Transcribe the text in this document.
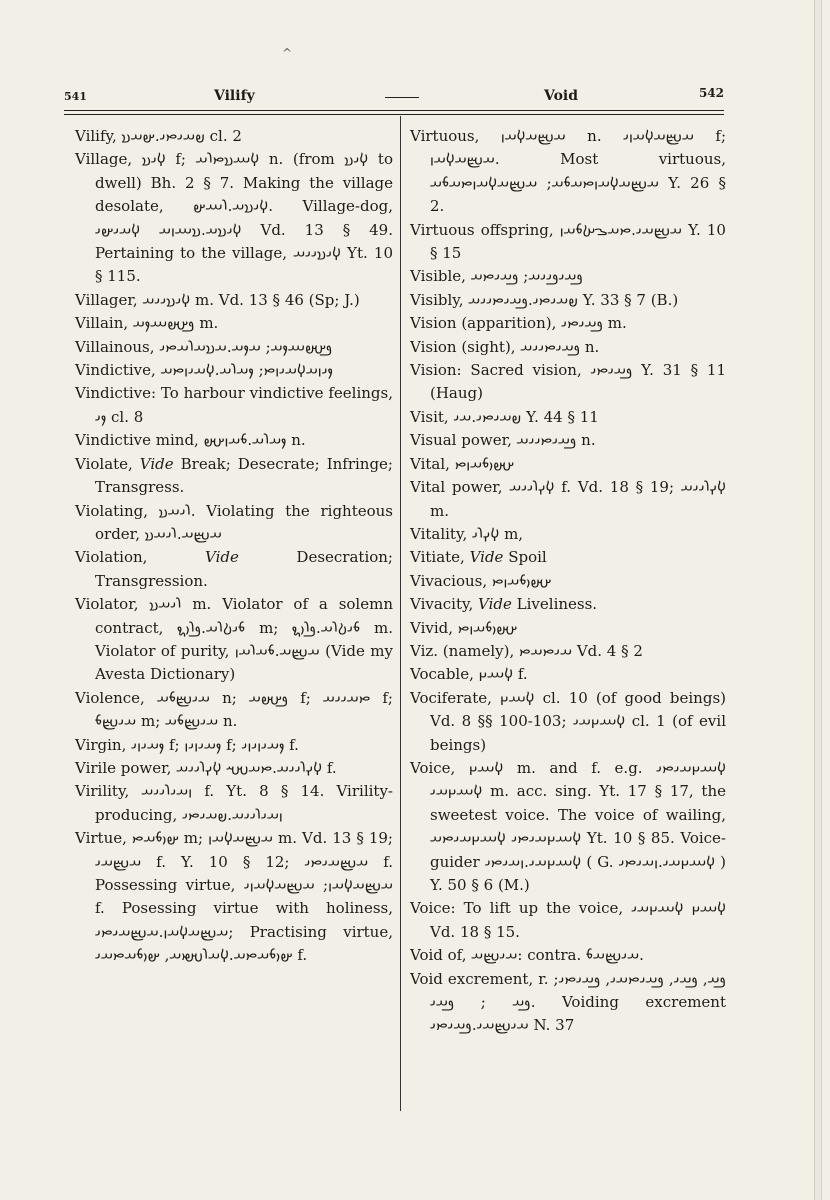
^
541	Vilify	Void	542

Vilify, 𐬞𐬀𐬌𐬙𐬌.𐬵𐬀𐬯 cl. 2

Village, 𐬬𐬌𐬯 f; 𐬬𐬁𐬯𐬙𐬭𐬀 n. (from 𐬬𐬌𐬯 to dwell) Bh. 2 § 7. Making the village desolate, 𐬬𐬌𐬯𐬀.𐬭𐬁𐬵. Village-dog, 𐬬𐬌𐬯𐬀.𐬯𐬁𐬥𐬀 𐬬𐬀𐬌𐬵𐬌 Vd. 13 § 49. Pertaining to the village, 𐬬𐬌𐬯𐬌𐬌𐬀 Yt. 10 § 115.

Villager, 𐬬𐬌𐬯𐬌𐬌𐬀 m. Vd. 13 § 46 (Sp; J.)

Villain, 𐬛𐬀𐬵𐬁𐬐𐬀 m.

Villainous, 𐬛𐬀𐬵𐬁𐬐𐬀; 𐬀𐬐𐬀.𐬀𐬯𐬀𐬭𐬀𐬙𐬌

Vindictive, 𐬐𐬌𐬥𐬀𐬬𐬀𐬌𐬥𐬙; 𐬐𐬀𐬭𐬀.𐬬𐬀𐬌𐬥𐬙𐬀

Vindictive: To harbour vindictive feelings, 𐬐𐬌 cl. 8

Vindictive mind, 𐬐𐬀𐬭𐬀.𐬨𐬀𐬥𐬀𐬵 n.

Violate, Vide Break; Desecrate; Infringe; Transgress.

Violating, 𐬭𐬌𐬀𐬯. Violating the righteous order, 𐬀𐬴𐬀.𐬭𐬌𐬀𐬯

Violation,	Vide Desecration; Transgression.

Violator, 𐬭𐬌𐬀𐬯 m. Violator of a solemn contract, 𐬨𐬌𐬚𐬭𐬀.𐬛𐬭𐬎𐬖 m; 𐬨𐬌𐬚𐬭𐬀.𐬛𐬭𐬎𐬖 m. Violator of purity, 𐬀𐬴𐬀.𐬨𐬀𐬭𐬀𐬥 (Vide my Avesta Dictionary)

Violence, 𐬀𐬌𐬴𐬨𐬀 n; 𐬛𐬀𐬵𐬀 f; 𐬙𐬀𐬌𐬌𐬀 f; 𐬀𐬌𐬴𐬨 m; 𐬀𐬌𐬴𐬨𐬀 n.

Virgin, 𐬐𐬀𐬌𐬥𐬌 f; 𐬐𐬀𐬌𐬥𐬌𐬥 f; 𐬐𐬀𐬌𐬥𐬌𐬥𐬌 f.

Virile power, 𐬬𐬍𐬭𐬌𐬌𐬀.𐬙𐬀𐬱𐬀 𐬬𐬍𐬭𐬌𐬌𐬀 f.

Virility, 𐬥𐬀𐬌𐬭𐬌𐬌𐬀 f. Yt. 8 § 14. Virility-producing, 𐬥𐬀𐬌𐬭𐬌𐬌𐬀.𐬞𐬀𐬌𐬙𐬌

Virtue, 𐬵𐬎𐬨𐬀𐬙 m; 𐬀𐬴𐬀𐬬𐬀𐬥 m. Vd. 13 § 19; 𐬀𐬴𐬀𐬌 f. Y. 10 § 12; 𐬀𐬴𐬀𐬌𐬙𐬌 f. Possessing virtue, 𐬀𐬴𐬀𐬬𐬀𐬥; 𐬀𐬴𐬀𐬬𐬀𐬥𐬌 f. Posessing virtue with holiness, 𐬀𐬴𐬀𐬬𐬀𐬥.𐬀𐬴𐬀𐬌𐬙𐬌; Practising virtue, 𐬵𐬎𐬨𐬀𐬙𐬀.𐬬𐬀𐬭𐬱𐬙𐬀, 𐬵𐬎𐬨𐬀𐬙𐬀𐬌 f.

Virtuous, 𐬀𐬴𐬀𐬬𐬀𐬥 n. 𐬀𐬴𐬀𐬬𐬀𐬥𐬌 f; 𐬀𐬴𐬀𐬬𐬀𐬥. Most virtuous, 𐬀𐬴𐬀𐬬𐬀𐬥𐬙𐬀𐬨𐬀; 𐬀𐬴𐬀𐬬𐬀𐬥𐬙𐬀𐬨𐬀 Y. 26 § 2.

Virtuous offspring, 𐬀𐬴𐬀𐬌.𐬙𐬀𐬊𐬑𐬨𐬀𐬥 Y. 10 § 15

Visible, 𐬛𐬀𐬌𐬛𐬌𐬌𐬀; 𐬛𐬀𐬌𐬙𐬀

Visibly, 𐬞𐬀𐬌𐬙𐬌.𐬛𐬀𐬌𐬙𐬌𐬌𐬀 Y. 33 § 7 (B.)

Vision (apparition), 𐬛𐬀𐬌𐬙𐬌 m.

Vision (sight), 𐬛𐬀𐬌𐬙𐬌𐬌𐬀 n.

Vision: Sacred vision, 𐬛𐬀𐬌𐬙𐬌 Y. 31 § 11 (Haug)

Visit, 𐬞𐬀𐬌𐬙𐬌.𐬀𐬌 Y. 44 § 11

Visual power, 𐬛𐬀𐬌𐬙𐬌𐬌𐬀 n.

Vital, 𐬀𐬵𐬎𐬨𐬀𐬥𐬙

Vital power, 𐬬𐬍𐬭𐬌𐬌𐬀 f. Vd. 18 § 19; 𐬬𐬍𐬭𐬌𐬌𐬀 m.

Vitality, 𐬬𐬍𐬭𐬌 m,

Vitiate, Vide Spoil

Vivacious, 𐬀𐬵𐬎𐬨𐬀𐬥𐬙

Vivacity, Vide Liveliness.

Vivid, 𐬀𐬵𐬎𐬨𐬀𐬥𐬙

Viz. (namely), 𐬀𐬌𐬙𐬀𐬙 Vd. 4 § 2

Vocable, 𐬬𐬁𐬗 f.

Vociferate, 𐬬𐬁𐬗 cl. 10 (of good beings) Vd. 8 §§ 100-103; 𐬬𐬁𐬗𐬀𐬌 cl. 1 (of evil beings)

Voice, 𐬬𐬁𐬗 m. and f. e.g. 𐬬𐬁𐬗𐬀𐬌𐬙𐬌 𐬬𐬁𐬗𐬀𐬌 m. acc. sing. Yt. 17 § 17, the sweetest voice. The voice of wailing, 𐬬𐬁𐬗𐬀𐬌𐬙𐬌 𐬬𐬁𐬗𐬀𐬌𐬙𐬀 Yt. 10 § 85. Voice-guider 𐬬𐬁𐬗𐬀𐬌.𐬥𐬀𐬌𐬙𐬌 ( G. 𐬬𐬁𐬗𐬀𐬌.𐬥𐬀𐬌𐬙𐬌 ) Y. 50 § 6 (M.)

Voice: To lift up the voice, 𐬬𐬁𐬗 𐬬𐬁𐬗𐬀𐬌 Vd. 18 § 15.

Void of, 𐬀𐬌𐬴𐬀: contra. 𐬀𐬌𐬴𐬀𐬨.

Void excrement, r. 𐬛𐬀, 𐬛𐬀𐬌, 𐬛𐬀𐬌𐬙𐬀𐬌, 𐬛𐬀𐬌𐬙𐬌; 𐬛𐬀 ; 𐬛𐬀𐬌. Voiding excrement 𐬀𐬌𐬴𐬀𐬌.𐬛𐬀𐬌𐬙𐬌 N. 37
